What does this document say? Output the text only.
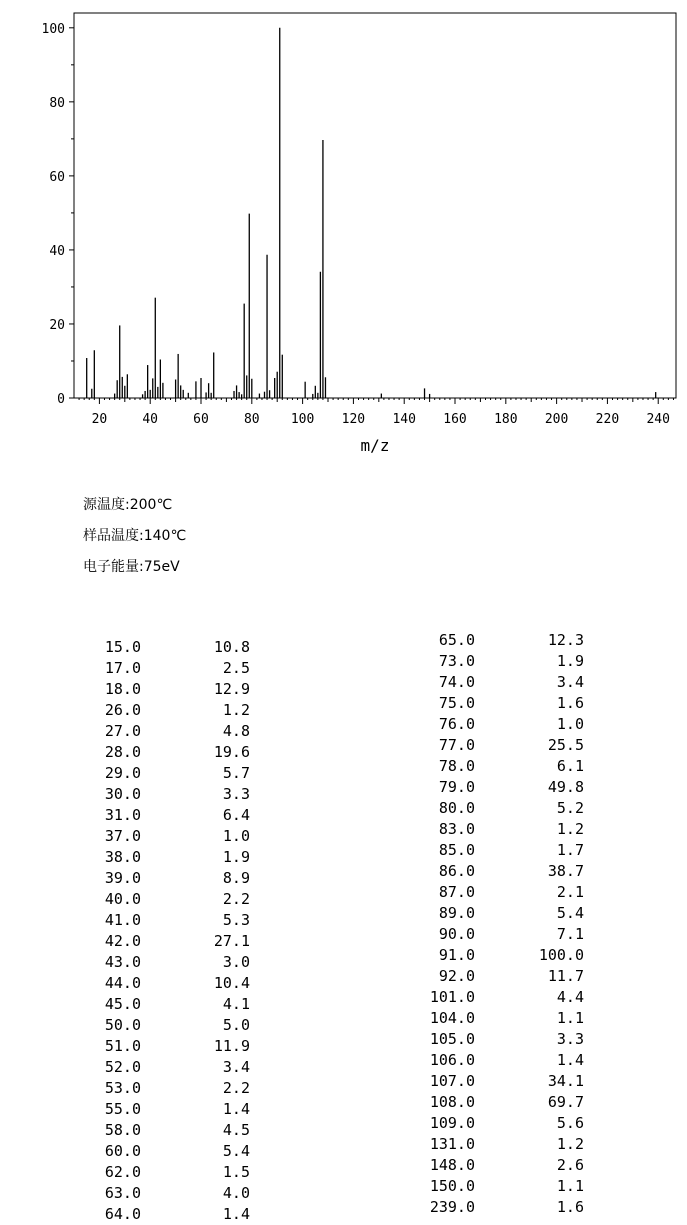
0
20
40
60
80
100
20	40	60	80 100 120 140 160 180 200 220 240
m/z
源温度:200℃
样品温度:140℃
电子能量:75eV
15.0	10.8
17.0	2.5
18.0	12.9
26.0	1.2
27.0	4.8
28.0	19.6
29.0	5.7
30.0	3.3
31.0	6.4
37.0	1.0
38.0	1.9
39.0	8.9
40.0	2.2
41.0	5.3
42.0	27.1
43.0	3.0
44.0	10.4
45.0	4.1
50.0	5.0
51.0	11.9
52.0	3.4
53.0	2.2
55.0	1.4
58.0	4.5
60.0	5.4
62.0	1.5
63.0	4.0
64.0	1.4
65.0	12.3
73.0	1.9
74.0	3.4
75.0	1.6
76.0	1.0
77.0	25.5
78.0	6.1
79.0	49.8
80.0	5.2
83.0	1.2
85.0	1.7
86.0	38.7
87.0	2.1
89.0	5.4
90.0	7.1
91.0	100.0
92.0	11.7
101.0	4.4
104.0	1.1
105.0	3.3
106.0	1.4
107.0	34.1
108.0	69.7
109.0	5.6
131.0	1.2
148.0	2.6
150.0	1.1
239.0	1.6
